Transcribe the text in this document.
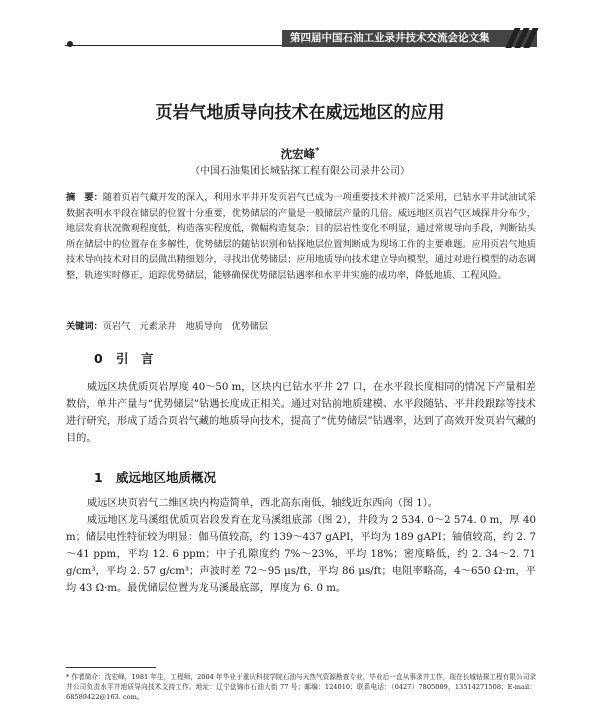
第四届中国石油工业录井技术交流会论文集
页岩气地质导向技术在威远地区的应用
沈宏峰*
（中国石油集团长城钻探工程有限公司录井公司）
摘　要：随着页岩气藏开发的深入，利用水平井开发页岩气已成为一项重要技术并被广泛采用，已钻水平井试油试采数据表明水平段在储层的位置十分重要，优势储层的产量是一般储层产量的几倍。威远地区页岩气区域探井分布少，地层发育状况微观程度低，构造落实程度低，微幅构造复杂；目的层岩性变化不明显，通过常规导向手段，判断钻头所在储层中的位置存在多解性，优势储层的随钻识别和钻探地层位置判断成为现场工作的主要难题。应用页岩气地质技术导向技术对目的层做出精细划分，寻找出优势储层；应用地质导向技术建立导向模型，通过对进行模型的动态调整，轨迹实时修正，追踪优势储层，能够确保优势储层钻遇率和水平井实施的成功率，降低地质、工程风险。
关键词：页岩气　元素录井　地质导向　优势储层
0 引　言

威远区块优质页岩厚度 40～50 m，区块内已钻水平井 27 口，在水平段长度相同的情况下产量相差数倍，单井产量与“优势储层”钻遇长度成正相关。通过对钻前地质建模、水平段随钻、平井段跟踪等技术进行研究，形成了适合页岩气藏的地质导向技术，提高了“优势储层”钻遇率，达到了高效开发页岩气藏的目的。

1 威远地区地质概况

威远区块页岩气二维区块内构造简单，西北高东南低，轴线近东西向（图 1）。

威远地区龙马溪组优质页岩段发育在龙马溪组底部（图 2），井段为 2 534. 0～2 574. 0 m，厚 40 m；储层电性特征较为明显：伽马值较高，约 139～437 gAPI，平均为 189 gAPI；铀值较高，约 2. 7～41 ppm，平均 12. 6 ppm；中子孔隙度约 7%～23%，平均 18%；密度略低，约 2. 34～2. 71 g/cm³，平均 2. 57 g/cm³；声波时差 72～95 μs/ft，平均 86 μs/ft；电阻率略高，4～650 Ω·m，平均 43 Ω·m。最优储层位置为龙马溪最底部，厚度为 6. 0 m。

* 作者简介：沈宏峰，1981 年生，工程师，2004 年毕业于重庆科技学院石油与天然气资源勘查专业，毕业后一直从事录井工作，现在长城钻探工程有限公司录井公司负责水平井地质导向技术支持工作。地址：辽宁盘锦市石油大街 77 号；邮编：124010；联系电话：（0427）7805089，13514271508；E-mail：68589422@163. com。
